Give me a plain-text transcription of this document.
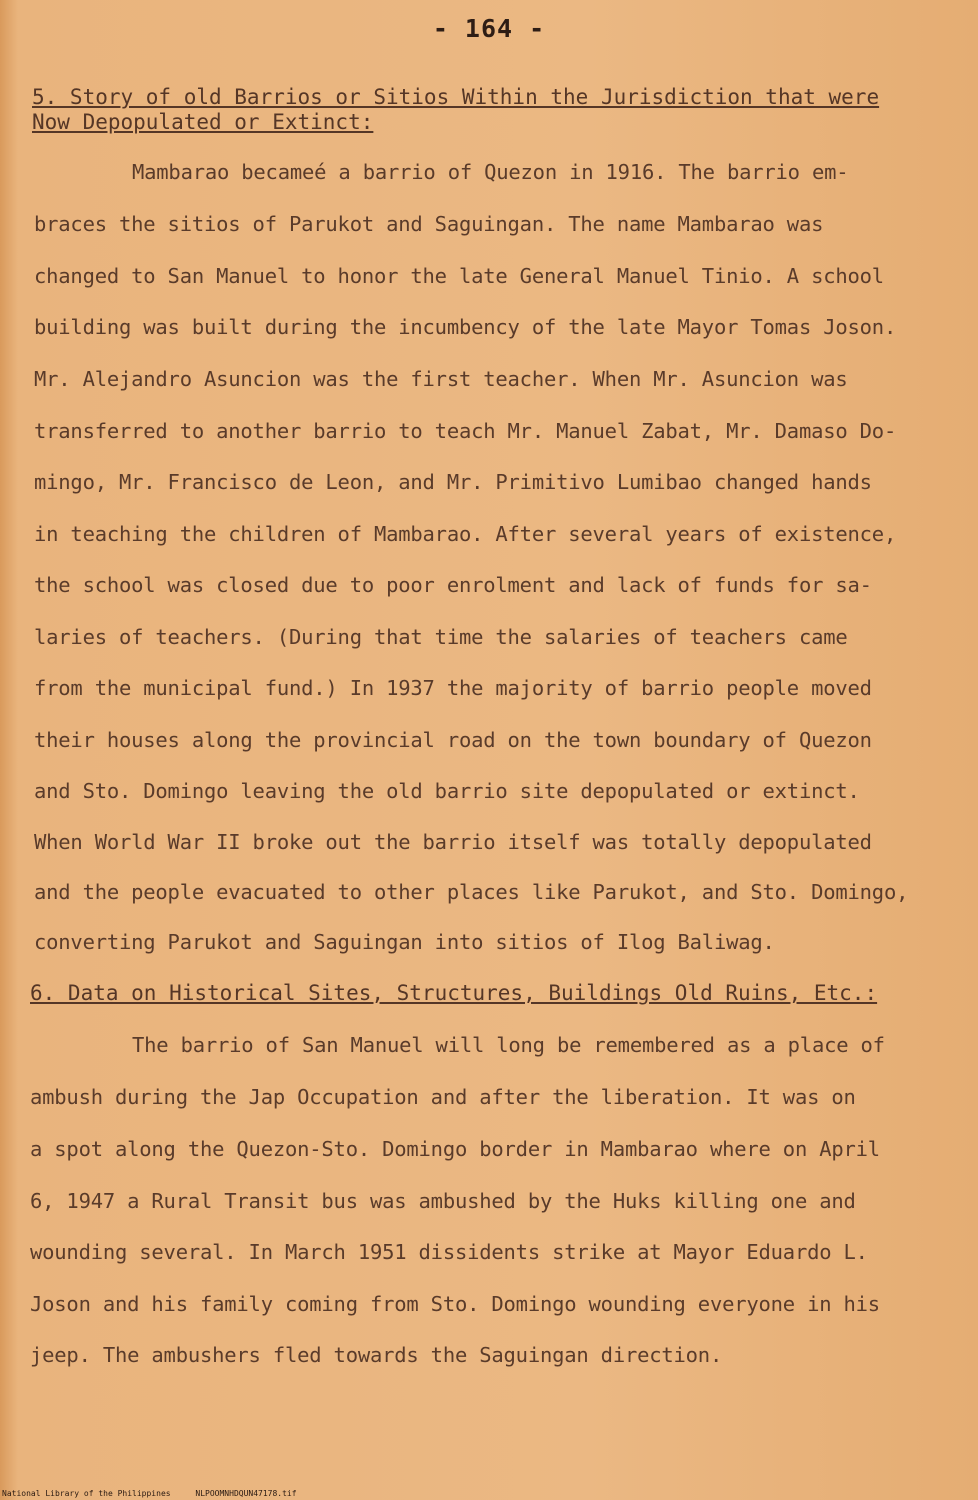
- 164 -
5. Story of old Barrios or Sitios Within the Jurisdiction that were Now Depopulated or Extinct:
Mambarao becameé a barrio of Quezon in 1916. The barrio em-
braces the sitios of Parukot and Saguingan. The name Mambarao was
changed to San Manuel to honor the late General Manuel Tinio. A school
building was built during the incumbency of the late Mayor Tomas Joson.
Mr. Alejandro Asuncion was the first teacher. When Mr. Asuncion was
transferred to another barrio to teach Mr. Manuel Zabat, Mr. Damaso Do-
mingo, Mr. Francisco de Leon, and Mr. Primitivo Lumibao changed hands
in teaching the children of Mambarao. After several years of existence,
the school was closed due to poor enrolment and lack of funds for sa-
laries of teachers. (During that time the salaries of teachers came
from the municipal fund.) In 1937 the majority of barrio people moved
their houses along the provincial road on the town boundary of Quezon
and Sto. Domingo leaving the old barrio site depopulated or extinct.
When World War II broke out the barrio itself was totally depopulated
and the people evacuated to other places like Parukot, and Sto. Domingo,
converting Parukot and Saguingan into sitios of Ilog Baliwag.
6. Data on Historical Sites, Structures, Buildings Old Ruins, Etc.:
The barrio of San Manuel will long be remembered as a place of
ambush during the Jap Occupation and after the liberation. It was on
a spot along the Quezon-Sto. Domingo border in Mambarao where on April
6, 1947 a Rural Transit bus was ambushed by the Huks killing one and
wounding several. In March 1951 dissidents strike at Mayor Eduardo L.
Joson and his family coming from Sto. Domingo wounding everyone in his
jeep. The ambushers fled towards the Saguingan direction.
National Library of the Philippines	NLPOOMNHDQUN47178.tif
